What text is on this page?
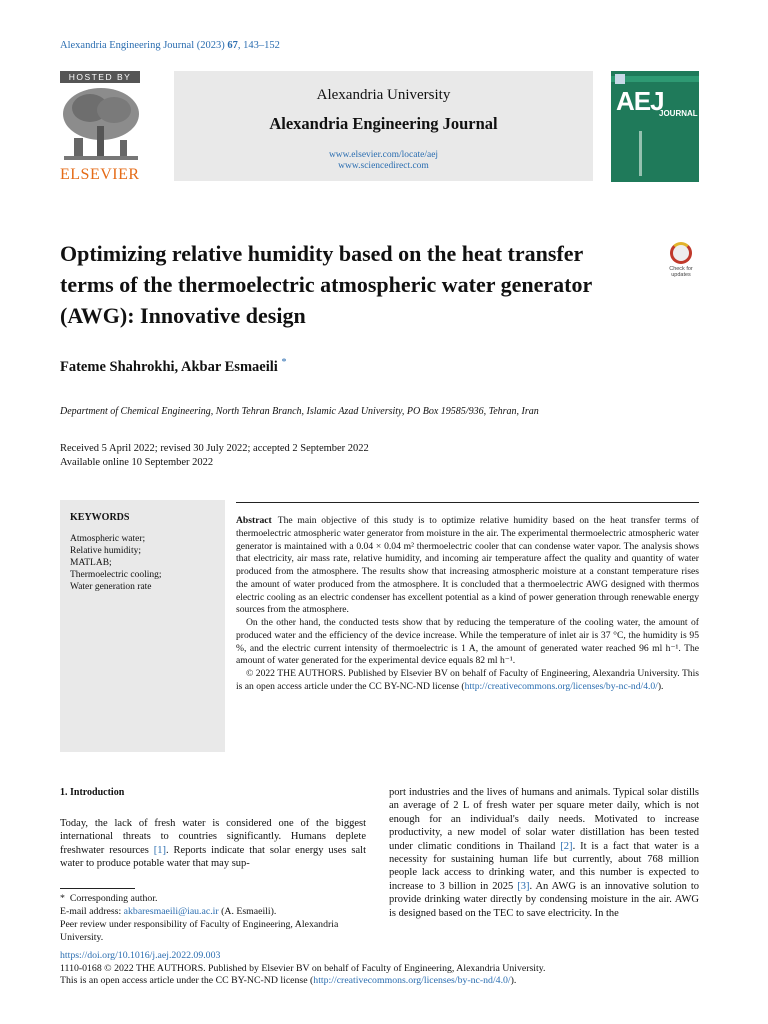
Alexandria Engineering Journal (2023) 67, 143–152
HOSTED BY
ELSEVIER
Alexandria University
Alexandria Engineering Journal
www.elsevier.com/locate/aej
www.sciencedirect.com
AEJ
JOURNAL
Optimizing relative humidity based on the heat transfer terms of the thermoelectric atmospheric water generator (AWG): Innovative design
Check for updates
Fateme Shahrokhi, Akbar Esmaeili *
Department of Chemical Engineering, North Tehran Branch, Islamic Azad University, PO Box 19585/936, Tehran, Iran
Received 5 April 2022; revised 30 July 2022; accepted 2 September 2022
Available online 10 September 2022
KEYWORDS
Atmospheric water;
Relative humidity;
MATLAB;
Thermoelectric cooling;
Water generation rate

Abstract The main objective of this study is to optimize relative humidity based on the heat transfer terms of thermoelectric atmospheric water generator from moisture in the air. The experimental thermoelectric atmospheric water generator is maintained with a 0.04 × 0.04 m² thermoelectric cooler that can condense water vapor. The analysis shows that electricity, air mass rate, relative humidity, and incoming air temperature affect the quality and quantity of water produced from the atmosphere. The results show that increasing atmospheric moisture at a constant temperature rises the amount of water produced from the atmosphere. It is concluded that a thermoelectric AWG designed with thermos electric cooling as an electric condenser has excellent potential as a kind of power generation through renewable energy sources from the atmosphere.

On the other hand, the conducted tests show that by reducing the temperature of the cooling water, the amount of produced water and the efficiency of the device increase. While the temperature of inlet air is 37 °C, the humidity is 95 %, and the electric current intensity of thermoelectric is 1 A, the amount of generated water reached 96 ml h⁻¹. The amount of water generated for the experimental device equals 82 ml h⁻¹.

© 2022 THE AUTHORS. Published by Elsevier BV on behalf of Faculty of Engineering, Alexandria University. This is an open access article under the CC BY-NC-ND license (http://creativecommons.org/licenses/by-nc-nd/4.0/).

1. Introduction
Today, the lack of fresh water is considered one of the biggest international threats to countries significantly. Humans deplete freshwater resources [1]. Reports indicate that solar energy uses salt water to produce potable water that may sup-
port industries and the lives of humans and animals. Typical solar distills an average of 2 L of fresh water per square meter daily, which is not enough for an individual's daily needs. Motivated to increase productivity, a new model of solar water distillation has been tested under climatic conditions in Thailand [2]. It is a fact that water is a necessity for sustaining human life but currently, about 768 million people lack access to drinking water, and this number is expected to increase to 3 billion in 2025 [3]. An AWG is an innovative solution to provide drinking water directly by condensing moisture in the air. AWG is designed based on the TEC to save electricity. In the
* Corresponding author.
E-mail address: akbaresmaeili@iau.ac.ir (A. Esmaeili).
Peer review under responsibility of Faculty of Engineering, Alexandria University.
https://doi.org/10.1016/j.aej.2022.09.003
1110-0168 © 2022 THE AUTHORS. Published by Elsevier BV on behalf of Faculty of Engineering, Alexandria University.
This is an open access article under the CC BY-NC-ND license (http://creativecommons.org/licenses/by-nc-nd/4.0/).
